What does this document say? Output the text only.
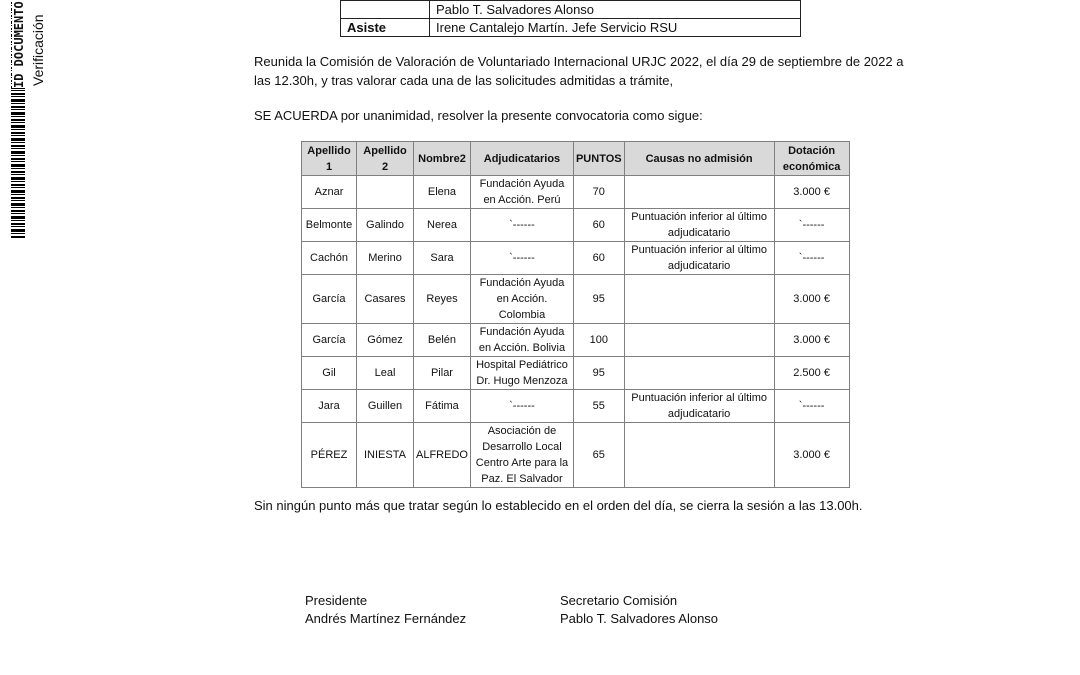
ID DOCUMENTO Verificación
	Pablo T. Salvadores Alonso
Asiste	Irene Cantalejo Martín. Jefe Servicio RSU

Reunida la Comisión de Valoración de Voluntariado Internacional URJC 2022, el día 29 de septiembre de 2022 a las 12.30h, y tras valorar cada una de las solicitudes admitidas a trámite,

SE ACUERDA por unanimidad, resolver la presente convocatoria como sigue:

Apellido 1	Apellido 2	Nombre2	Adjudicatarios	PUNTOS	Causas no admisión	Dotación económica
Aznar		Elena	Fundación Ayuda en Acción. Perú	70		3.000 €
Belmonte	Galindo	Nerea	`------	60	Puntuación inferior al último adjudicatario	`------
Cachón	Merino	Sara	`------	60	Puntuación inferior al último adjudicatario	`------
García	Casares	Reyes	Fundación Ayuda en Acción. Colombia	95		3.000 €
García	Gómez	Belén	Fundación Ayuda en Acción. Bolivia	100		3.000 €
Gil	Leal	Pilar	Hospital Pediátrico Dr. Hugo Menzoza	95		2.500 €
Jara	Guillen	Fátima	`------	55	Puntuación inferior al último adjudicatario	`------
PÉREZ	INIESTA	ALFREDO	Asociación de Desarrollo Local Centro Arte para la Paz. El Salvador	65		3.000 €

Sin ningún punto más que tratar según lo establecido en el orden del día, se cierra la sesión a las 13.00h.

Presidente
Andrés Martínez Fernández
Secretario Comisión
Pablo T. Salvadores Alonso
